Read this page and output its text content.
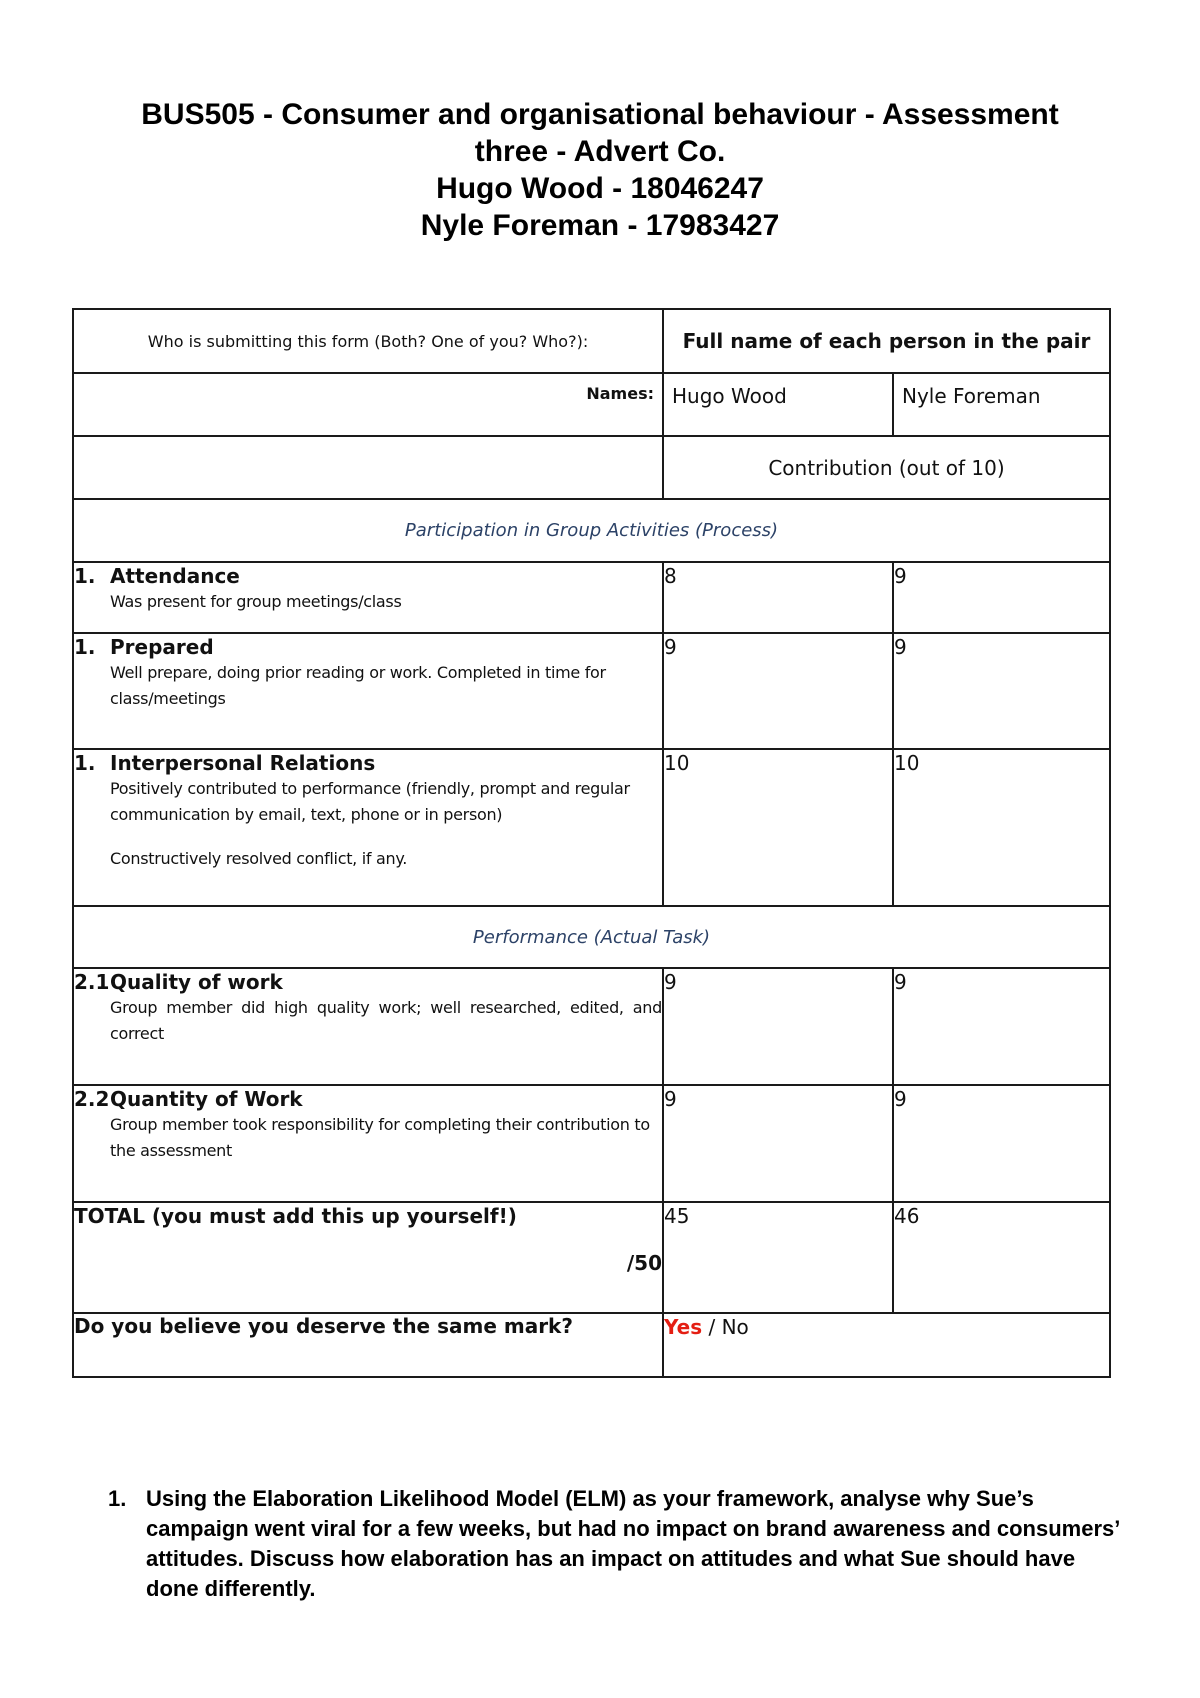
BUS505 - Consumer and organisational behaviour - Assessment
three - Advert Co.
Hugo Wood - 18046247
Nyle Foreman - 17983427
Who is submitting this form (Both? One of you? Who?):	Full name of each person in the pair	
Names:	Hugo Wood	Nyle Foreman
	Contribution (out of 10)	
Participation in Group Activities (Process)		

1. Attendance

Was present for group meetings/class	8	9

1. Prepared

Well prepare, doing prior reading or work. Completed in time for class/meetings	9	9

1. Interpersonal Relations

Positively contributed to performance (friendly, prompt and regular communication by email, text, phone or in person)

Constructively resolved conflict, if any.	10	10
Performance (Actual Task)		

2.1 Quality of work

Group member did high quality work; well researched, edited, and correct	9	9

2.2 Quantity of Work

Group member took responsibility for completing their contribution to the assessment	9	9

TOTAL (you must add this up yourself!)
/50	45	46
Do you believe you deserve the same mark?	Yes / No	
1. Using the Elaboration Likelihood Model (ELM) as your framework, analyse why Sue’s campaign went viral for a few weeks, but had no impact on brand awareness and consumers’ attitudes. Discuss how elaboration has an impact on attitudes and what Sue should have done differently.
